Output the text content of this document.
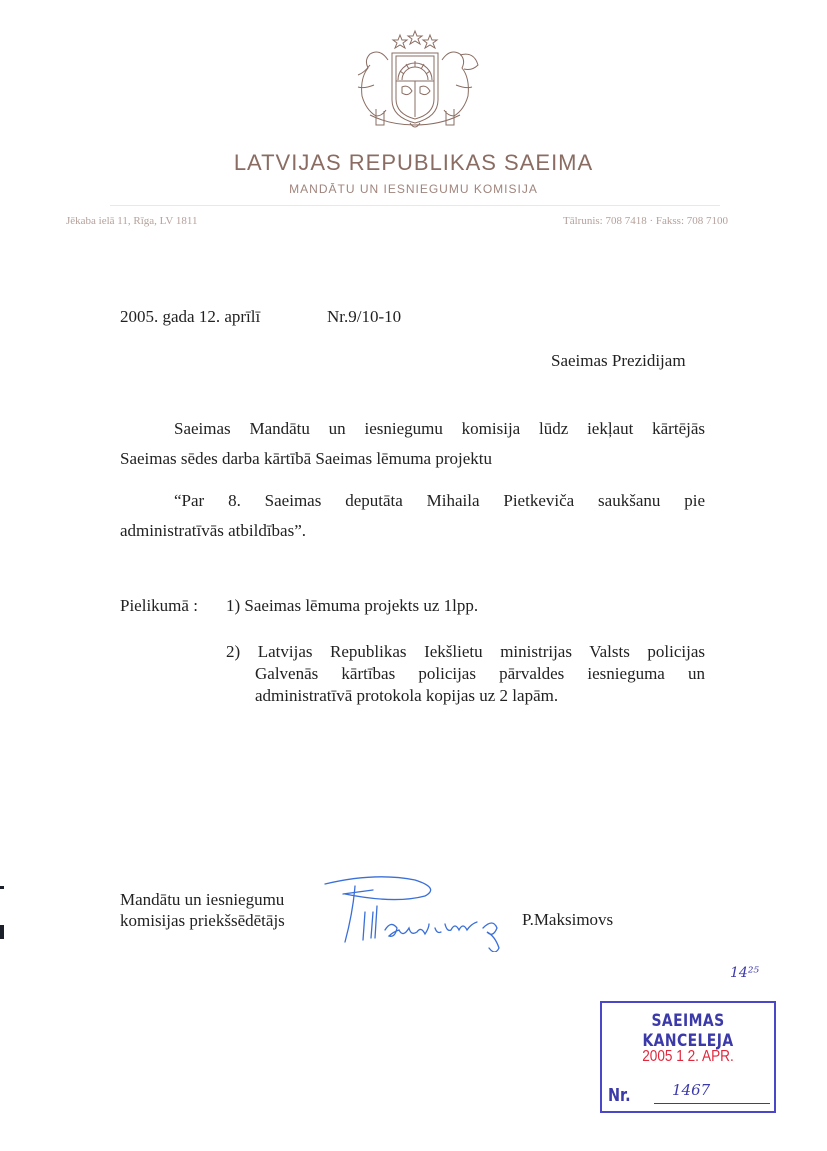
LATVIJAS REPUBLIKAS SAEIMA
MANDĀTU UN IESNIEGUMU KOMISIJA
Jēkaba ielā 11, Rīga, LV 1811	Tālrunis: 708 7418 · Fakss: 708 7100
2005. gada 12. aprīlī	Nr.9/10-10
Saeimas Prezidijam
Saeimas Mandātu un iesniegumu komisija lūdz iekļaut kārtējās
Saeimas sēdes darba kārtībā Saeimas lēmuma projektu
“Par 8. Saeimas deputāta Mihaila Pietkeviča saukšanu pie
administratīvās atbildības”.
Pielikumā : 1) Saeimas lēmuma projekts uz 1lpp.
2) Latvijas Republikas Iekšlietu ministrijas Valsts policijas
Galvenās kārtības policijas pārvaldes iesnieguma un
administratīvā protokola kopijas uz 2 lapām.
Mandātu un iesniegumu
komisijas priekšsēdētājs	P.Maksimovs
14²⁵
SAEIMAS KANCELEJA
2005 1 2. APR.
Nr.	1467
